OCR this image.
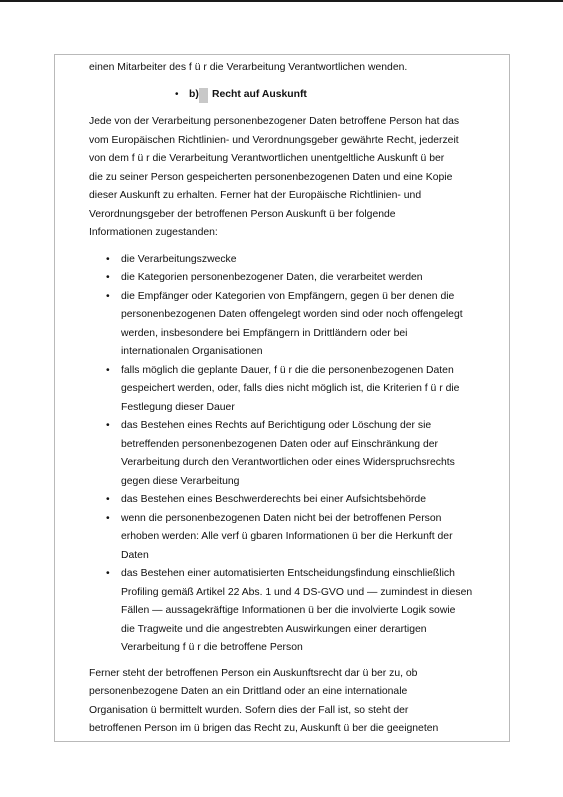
einen Mitarbeiter des f ü r die Verarbeitung Verantwortlichen wenden.

• b) Recht auf Auskunft
Jede von der Verarbeitung personenbezogener Daten betroffene Person hat das
vom Europäischen Richtlinien- und Verordnungsgeber gewährte Recht, jederzeit
von dem f ü r die Verarbeitung Verantwortlichen unentgeltliche Auskunft ü ber
die zu seiner Person gespeicherten personenbezogenen Daten und eine Kopie
dieser Auskunft zu erhalten. Ferner hat der Europäische Richtlinien- und
Verordnungsgeber der betroffenen Person Auskunft ü ber folgende
Informationen zugestanden:
• die Verarbeitungszwecke
• die Kategorien personenbezogener Daten, die verarbeitet werden
• die Empfänger oder Kategorien von Empfängern, gegen ü ber denen die
personenbezogenen Daten offengelegt worden sind oder noch offengelegt
werden, insbesondere bei Empfängern in Drittländern oder bei
internationalen Organisationen
• falls möglich die geplante Dauer, f ü r die die personenbezogenen Daten
gespeichert werden, oder, falls dies nicht möglich ist, die Kriterien f ü r die
Festlegung dieser Dauer
• das Bestehen eines Rechts auf Berichtigung oder Löschung der sie
betreffenden personenbezogenen Daten oder auf Einschränkung der
Verarbeitung durch den Verantwortlichen oder eines Widerspruchsrechts
gegen diese Verarbeitung
• das Bestehen eines Beschwerderechts bei einer Aufsichtsbehörde
• wenn die personenbezogenen Daten nicht bei der betroffenen Person
erhoben werden: Alle verf ü gbaren Informationen ü ber die Herkunft der
Daten
• das Bestehen einer automatisierten Entscheidungsfindung einschließlich
Profiling gemäß Artikel 22 Abs. 1 und 4 DS-GVO und — zumindest in diesen
Fällen — aussagekräftige Informationen ü ber die involvierte Logik sowie
die Tragweite und die angestrebten Auswirkungen einer derartigen
Verarbeitung f ü r die betroffene Person
Ferner steht der betroffenen Person ein Auskunftsrecht dar ü ber zu, ob
personenbezogene Daten an ein Drittland oder an eine internationale
Organisation ü bermittelt wurden. Sofern dies der Fall ist, so steht der
betroffenen Person im ü brigen das Recht zu, Auskunft ü ber die geeigneten
